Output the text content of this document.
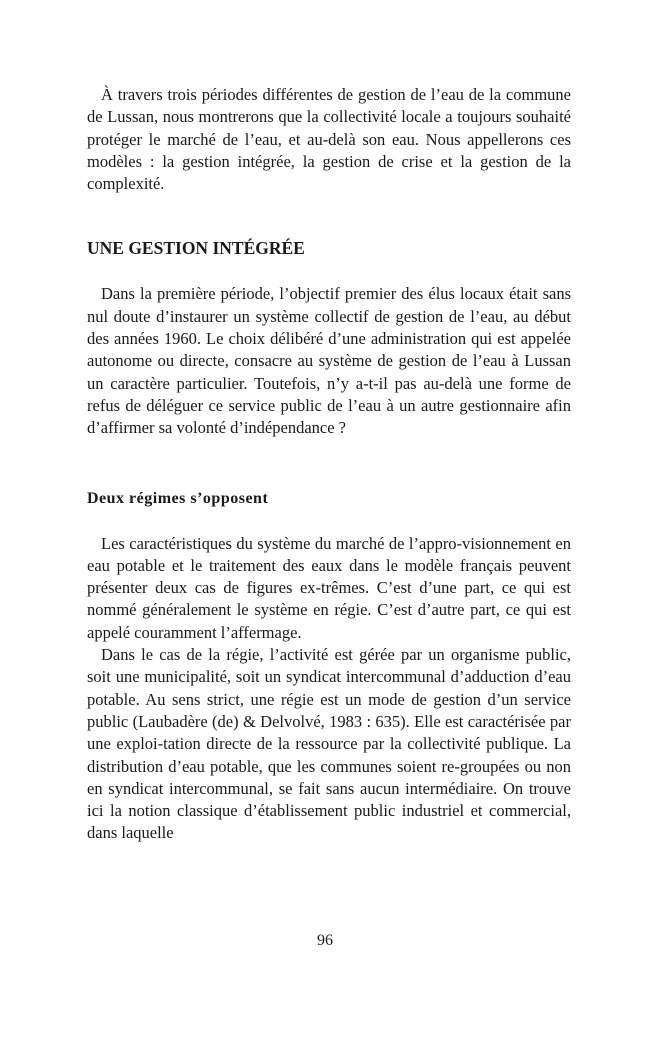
À travers trois périodes différentes de gestion de l’eau de la commune de Lussan, nous montrerons que la collectivité locale a toujours souhaité protéger le marché de l’eau, et au-delà son eau. Nous appellerons ces modèles : la gestion intégrée, la gestion de crise et la gestion de la complexité.

UNE GESTION INTÉGRÉE

Dans la première période, l’objectif premier des élus locaux était sans nul doute d’instaurer un système collectif de gestion de l’eau, au début des années 1960. Le choix délibéré d’une administration qui est appelée autonome ou directe, consacre au système de gestion de l’eau à Lussan un caractère particulier. Toutefois, n’y a-t-il pas au-delà une forme de refus de déléguer ce service public de l’eau à un autre gestionnaire afin d’affirmer sa volonté d’indépendance ?

Deux régimes s’opposent

Les caractéristiques du système du marché de l’appro-visionnement en eau potable et le traitement des eaux dans le modèle français peuvent présenter deux cas de figures ex-trêmes. C’est d’une part, ce qui est nommé généralement le système en régie. C’est d’autre part, ce qui est appelé couramment l’affermage.

Dans le cas de la régie, l’activité est gérée par un organisme public, soit une municipalité, soit un syndicat intercommunal d’adduction d’eau potable. Au sens strict, une régie est un mode de gestion d’un service public (Laubadère (de) & Delvolvé, 1983 : 635). Elle est caractérisée par une exploi-tation directe de la ressource par la collectivité publique. La distribution d’eau potable, que les communes soient re-groupées ou non en syndicat intercommunal, se fait sans aucun intermédiaire. On trouve ici la notion classique d’établissement public industriel et commercial, dans laquelle

96
